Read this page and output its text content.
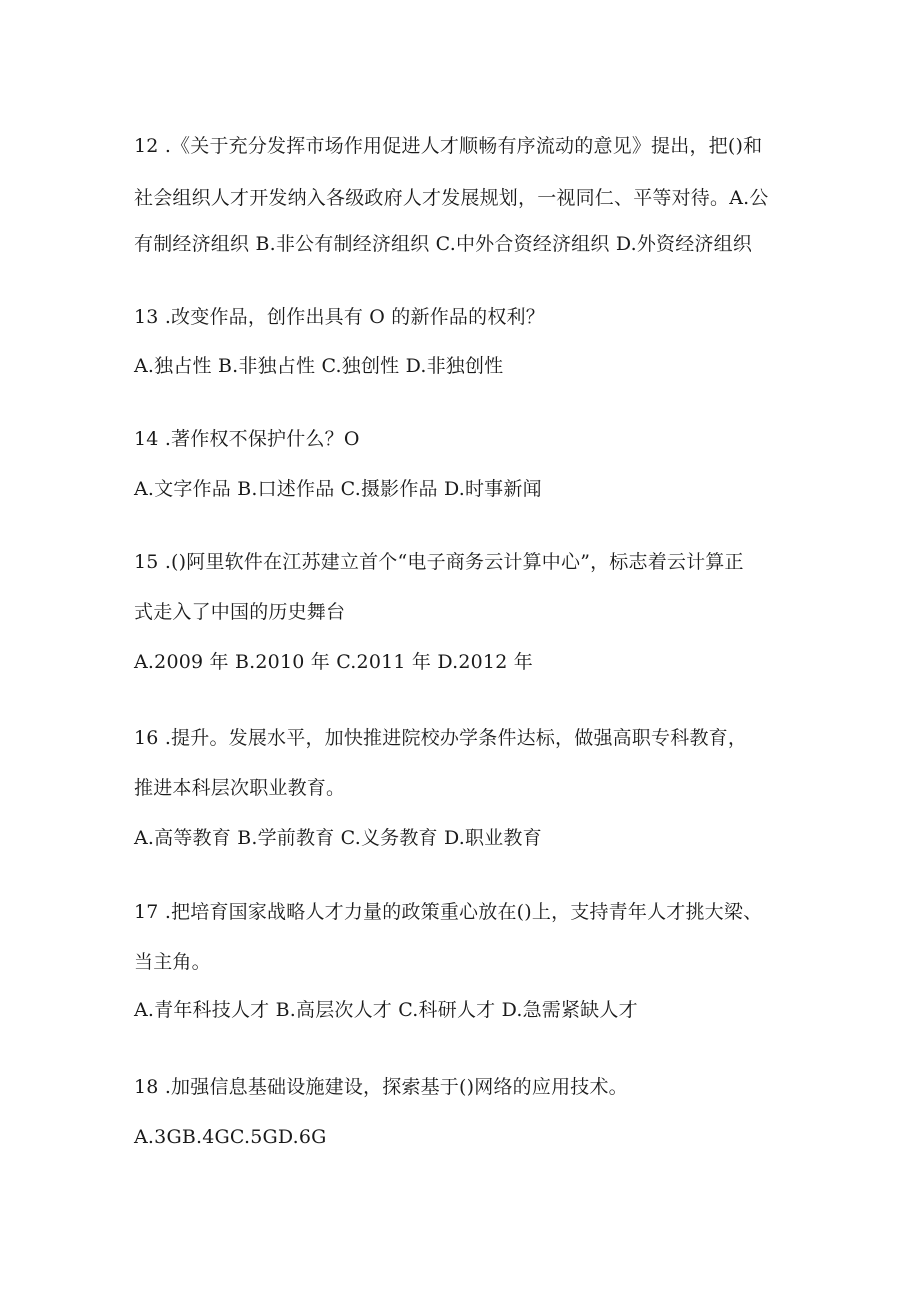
12 .《关于充分发挥市场作用促进人才顺畅有序流动的意见》提出，把()和
社会组织人才开发纳入各级政府人才发展规划，一视同仁、平等对待。A.公
有制经济组织 B.非公有制经济组织 C.中外合资经济组织 D.外资经济组织
13 .改变作品，创作出具有 O 的新作品的权利？
A.独占性 B.非独占性 C.独创性 D.非独创性
14 .著作权不保护什么？O
A.文字作品 B.口述作品 C.摄影作品 D.时事新闻
15 .()阿里软件在江苏建立首个“电子商务云计算中心”，标志着云计算正
式走入了中国的历史舞台
A.2009 年 B.2010 年 C.2011 年 D.2012 年
16 .提升。发展水平，加快推进院校办学条件达标，做强高职专科教育，
推进本科层次职业教育。
A.高等教育 B.学前教育 C.义务教育 D.职业教育
17 .把培育国家战略人才力量的政策重心放在()上，支持青年人才挑大梁、
当主角。
A.青年科技人才 B.高层次人才 C.科研人才 D.急需紧缺人才
18 .加强信息基础设施建设，探索基于()网络的应用技术。
A.3GB.4GC.5GD.6G
